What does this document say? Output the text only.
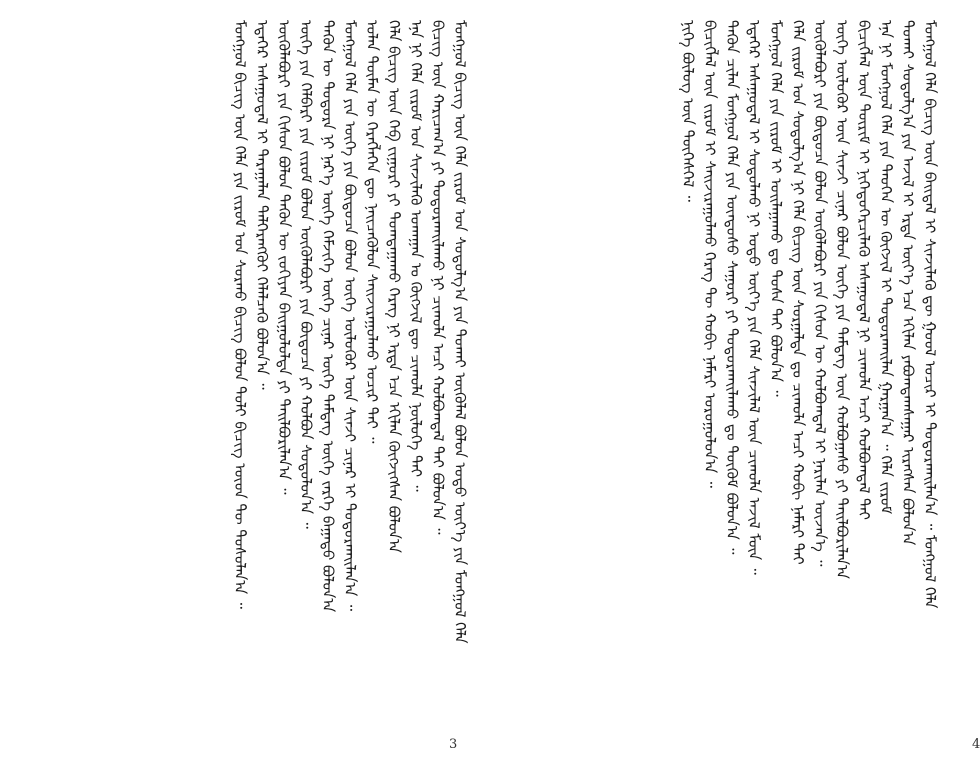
ᠮᠣᠩᠭᠣᠯ ᠪᠢᠴᠢᠭ᠌ ᠦᠨ ᠬᠡᠯᠡ ᠵᠢᠷᠤᠮ ᠤᠨ ᠰᠤᠳᠤᠯᠭ᠎ᠠ ᠶᠢᠨ ᠲᠤᠬᠠᠢ ᠦᠭᠦᠯᠡᠯ ᠪᠣᠯᠤᠨ ᠣᠳᠣ ᠦᠶ᠎ᠡ ᠶᠢᠨ ᠮᠣᠩᠭᠣᠯ ᠬᠡᠯᠡ
ᠪᠢᠴᠢᠭ᠌ ᠦᠨ ᠬᠠᠷᠢᠴᠠᠭ᠎ᠠ ᠶᠢ ᠲᠣᠳᠣᠷᠬᠠᠢᠯᠠᠬᠤ ᠨᠢ ᠴᠢᠬᠤᠯᠠ ᠠᠴᠢ ᠬᠣᠯᠪᠣᠭᠳᠠᠯ ᠲᠠᠢ ᠪᠣᠯᠤᠨ᠎ᠠ ᠃
ᠡᠨᠡ ᠨᠢ ᠬᠡᠯᠡ ᠵᠢᠷᠤᠮ ᠤᠨ ᠰᠢᠨᠵᠢᠯᠡᠬᠦ ᠤᠬᠠᠭᠠᠨ ᠤ ᠬᠦᠭᠵᠢᠯ ᠳᠦ ᠴᠢᠬᠤᠯᠠ ᠨᠥᠯᠦᠭᠡ ᠲᠠᠢ ᠃
ᠬᠡᠯᠡ ᠪᠢᠴᠢᠭ᠌ ᠦᠨ ᠬᠡᠪ ᠵᠢᠭᠤᠷᠢ ᠶᠢ ᠲᠣᠭᠲᠠᠭᠠᠬᠤ ᠬᠡᠷᠡᠭ ᠨᠢ ᠡᠷᠲᠡ ᠡᠴᠡ ᠡᠬᠢᠯᠡᠨ ᠬᠥᠭᠵᠢᠭᠰᠡᠨ ᠪᠣᠯᠤᠨ᠎ᠠ
ᠣᠯᠠᠨ ᠲᠥᠮᠡᠨ ᠦ ᠬᠡᠷᠡᠭᠯᠡᠭᠡᠨ ᠳᠦ ᠨᠡᠢᠴᠡᠭᠦᠯᠦᠨ ᠰᠠᠢᠵᠢᠷᠠᠭᠤᠯᠬᠤ ᠤᠴᠢᠷ ᠲᠠᠢ ᠃
ᠮᠣᠩᠭᠣᠯ ᠬᠡᠯᠡ ᠶᠢᠨ ᠦᠭᠡ ᠶᠢᠨ ᠪᠦᠲᠦᠴᠡ ᠪᠣᠯᠤᠨ ᠦᠭᠡ ᠦᠯᠦᠭᠦᠷ ᠦᠨ ᠰᠢᠨᠵᠢ ᠴᠢᠨᠠᠷ ᠢ ᠲᠣᠳᠣᠷᠬᠠᠢᠯᠠᠨ᠎ᠠ ᠃
ᠲᠡᠭᠦᠨ ᠦ ᠳᠣᠲᠣᠷᠠ ᠨᠢ ᠨᠡᠷ᠎ᠡ ᠦᠭᠡ ᠬᠡᠮᠵᠢᠭᠡ ᠦᠭᠡ ᠴᠢᠨᠠᠷ ᠦᠭᠡ ᠲᠡᠮᠳᠡᠭ ᠦᠭᠡ ᠵᠡᠷᠭᠡ ᠪᠠᠭᠠᠲᠤ ᠪᠣᠯᠤᠨ᠎ᠠ
ᠦᠭᠡ ᠶᠢᠨ ᠬᠡᠯᠪᠡᠷᠢ ᠶᠢᠨ ᠵᠢᠷᠤᠮ ᠪᠣᠯᠤᠨ ᠥᠭᠦᠯᠡᠪᠦᠷᠢ ᠶᠢᠨ ᠪᠦᠲᠦᠴᠡ ᠶᠢ ᠬᠣᠯᠪᠣᠨ ᠰᠤᠳᠤᠯᠤᠨ᠎ᠠ ᠃
ᠦᠭᠦᠯᠡᠪᠦᠷᠢ ᠶᠢᠨ ᠭᠢᠰᠦᠨ ᠪᠣᠯᠤᠨ ᠲᠡᠭᠦᠨ ᠦ ᠵᠣᠬᠢᠶᠠᠨ ᠪᠠᠢᠭᠤᠯᠤᠯᠲᠠ ᠶᠢ ᠲᠠᠢᠯᠪᠤᠷᠢᠯᠠᠨ᠎ᠠ ᠃
ᠡᠳᠡᠭᠡᠷ ᠠᠰᠠᠭᠤᠳᠠᠯ ᠢ ᠳᠠᠷᠠᠭᠠᠯᠠᠨ ᠳᠡᠯᠭᠡᠷᠡᠩᠭᠦᠢ ᠬᠡᠯᠡᠯᠴᠡᠬᠦ ᠪᠣᠯᠤᠨ᠎ᠠ ᠃
ᠮᠣᠩᠭᠣᠯ ᠪᠢᠴᠢᠭ᠌ ᠦᠨ ᠬᠡᠯᠡ ᠶᠢᠨ ᠵᠢᠷᠤᠮ ᠤᠨ ᠰᠤᠷᠬᠤ ᠪᠢᠴᠢᠭ ᠪᠣᠯᠤᠨ ᠲᠣᠯᠢ ᠪᠢᠴᠢᠭ ᠦᠳ ᠲᠦ ᠲᠤᠰᠤᠯᠠᠨ᠎ᠠ ᠃
3
ᠮᠣᠩᠭᠣᠯ ᠬᠡᠯᠡ ᠪᠢᠴᠢᠭ ᠦᠨ ᠪᠠᠢᠳᠠᠯ ᠢ ᠰᠢᠨᠵᠢᠯᠡᠬᠦ ᠳᠦ ᠭᠣᠣᠯ ᠤᠴᠢᠷ ᠢ ᠲᠣᠳᠣᠷᠬᠠᠢᠯᠠᠨ᠎ᠠ ᠃ ᠮᠣᠩᠭᠣᠯ ᠬᠡᠯᠡ
ᠲᠤᠬᠠᠢ ᠰᠤᠳᠤᠯᠭ᠎ᠠ ᠶᠢᠨ ᠠᠵᠢᠯ ᠢ ᠡᠷᠲᠡ ᠦᠶ᠎ᠡ ᠡᠴᠡ ᠡᠬᠢᠯᠡᠨ ᠶᠠᠪᠤᠭᠳᠠᠭᠰᠠᠭᠠᠷ ᠢᠷᠡᠭᠰᠡᠨ ᠪᠣᠯᠤᠨ᠎ᠠ
ᠡᠨᠡ ᠨᠢ ᠮᠣᠩᠭᠣᠯ ᠬᠡᠯᠡ ᠶᠢᠨ ᠲᠡᠦᠬᠡᠨ ᠦ ᠬᠥᠭᠵᠢᠯ ᠢ ᠲᠣᠳᠣᠷᠬᠠᠢᠯᠠᠨ ᠭᠠᠷᠭᠠᠨ᠎ᠠ ᠃ ᠬᠡᠯᠡ ᠵᠢᠷᠤᠮ
ᠪᠢᠴᠢᠭᠯᠡᠯ ᠦᠨ ᠳᠦᠷᠢᠮ ᠢ ᠨᠢᠭᠡᠳᠦᠭᠡᠷᠴᠢᠯᠡᠬᠦ ᠠᠰᠠᠭᠤᠳᠠᠯ ᠨᠢ ᠴᠢᠬᠤᠯᠠ ᠠᠴᠢ ᠬᠣᠯᠪᠣᠭᠳᠠᠯ ᠲᠠᠢ
ᠦᠭᠡ ᠦᠯᠦᠭᠦᠷ ᠦᠨ ᠰᠢᠨᠵᠢ ᠴᠢᠨᠠᠷ ᠪᠣᠯᠤᠨ ᠦᠭᠡ ᠶᠢᠨ ᠲᠡᠮᠳᠡᠭ ᠦᠨ ᠬᠣᠯᠪᠣᠭᠠᠰᠤ ᠶᠢ ᠲᠠᠢᠯᠪᠤᠷᠢᠯᠠᠨ᠎ᠠ
ᠦᠭᠦᠯᠡᠪᠦᠷᠢ ᠶᠢᠨ ᠪᠦᠲᠦᠴᠡ ᠪᠣᠯᠤᠨ ᠦᠭᠦᠯᠡᠪᠦᠷᠢ ᠶᠢᠨ ᠭᠢᠰᠦᠨ ᠦ ᠬᠣᠯᠪᠣᠭᠳᠠᠯ ᠢ ᠨᠠᠷᠢᠯᠠᠨ ᠦᠵᠡᠨ᠎ᠡ ᠃
ᠬᠡᠯᠡ ᠵᠢᠷᠤᠮ ᠤᠨ ᠰᠤᠳᠤᠯᠭ᠎ᠠ ᠨᠢ ᠬᠡᠯᠡ ᠪᠢᠴᠢᠭ ᠦᠨ ᠰᠤᠷᠭᠠᠯᠲᠠ ᠳᠤ ᠴᠢᠬᠤᠯᠠ ᠠᠴᠢ ᠬᠤᠪᠢ ᠨᠡᠮᠡᠷᠢ ᠲᠠᠢ
ᠮᠣᠩᠭᠣᠯ ᠬᠡᠯᠡ ᠶᠢᠨ ᠵᠢᠷᠤᠮ ᠢ ᠣᠢᠯᠠᠭᠠᠬᠤ ᠳᠤ ᠲᠤᠰᠠ ᠲᠠᠢ ᠪᠣᠯᠤᠨ᠎ᠠ ᠃
ᠡᠳᠡᠭᠡᠷ ᠠᠰᠠᠭᠤᠳᠠᠯ ᠢ ᠰᠤᠳᠤᠯᠬᠤ ᠨᠢ ᠣᠳᠣ ᠦᠶ᠎ᠡ ᠶᠢᠨ ᠬᠡᠯᠡ ᠰᠢᠨᠵᠢᠯᠡᠯ ᠦᠨ ᠴᠢᠬᠤᠯᠠ ᠠᠵᠢᠯ ᠮᠥᠨ ᠃
ᠲᠡᠭᠦᠨ ᠴᠢᠯᠡᠨ ᠮᠣᠩᠭᠣᠯ ᠬᠡᠯᠡ ᠶᠢᠨ ᠦᠨᠳᠦᠰᠦ ᠰᠠᠭᠤᠷᠢ ᠶᠢ ᠲᠣᠳᠣᠷᠬᠠᠢᠯᠠᠬᠤ ᠳᠤ ᠳᠦᠬᠦᠮ ᠪᠣᠯᠤᠨ᠎ᠠ ᠃
ᠪᠢᠴᠢᠭᠯᠡᠯ ᠦᠨ ᠵᠢᠷᠤᠮ ᠢ ᠰᠠᠢᠵᠢᠷᠠᠭᠤᠯᠬᠤ ᠬᠡᠷᠡᠭ ᠲᠦ ᠬᠣᠪᠢ ᠨᠡᠮᠡᠷᠢ ᠣᠷᠣᠭᠤᠯᠤᠨ᠎ᠠ ᠃
ᠨᠢᠭᠡ ᠪᠦᠯᠦᠭ ᠦᠨ ᠲᠥᠭᠡᠰᠬᠡᠯ ᠃
4
